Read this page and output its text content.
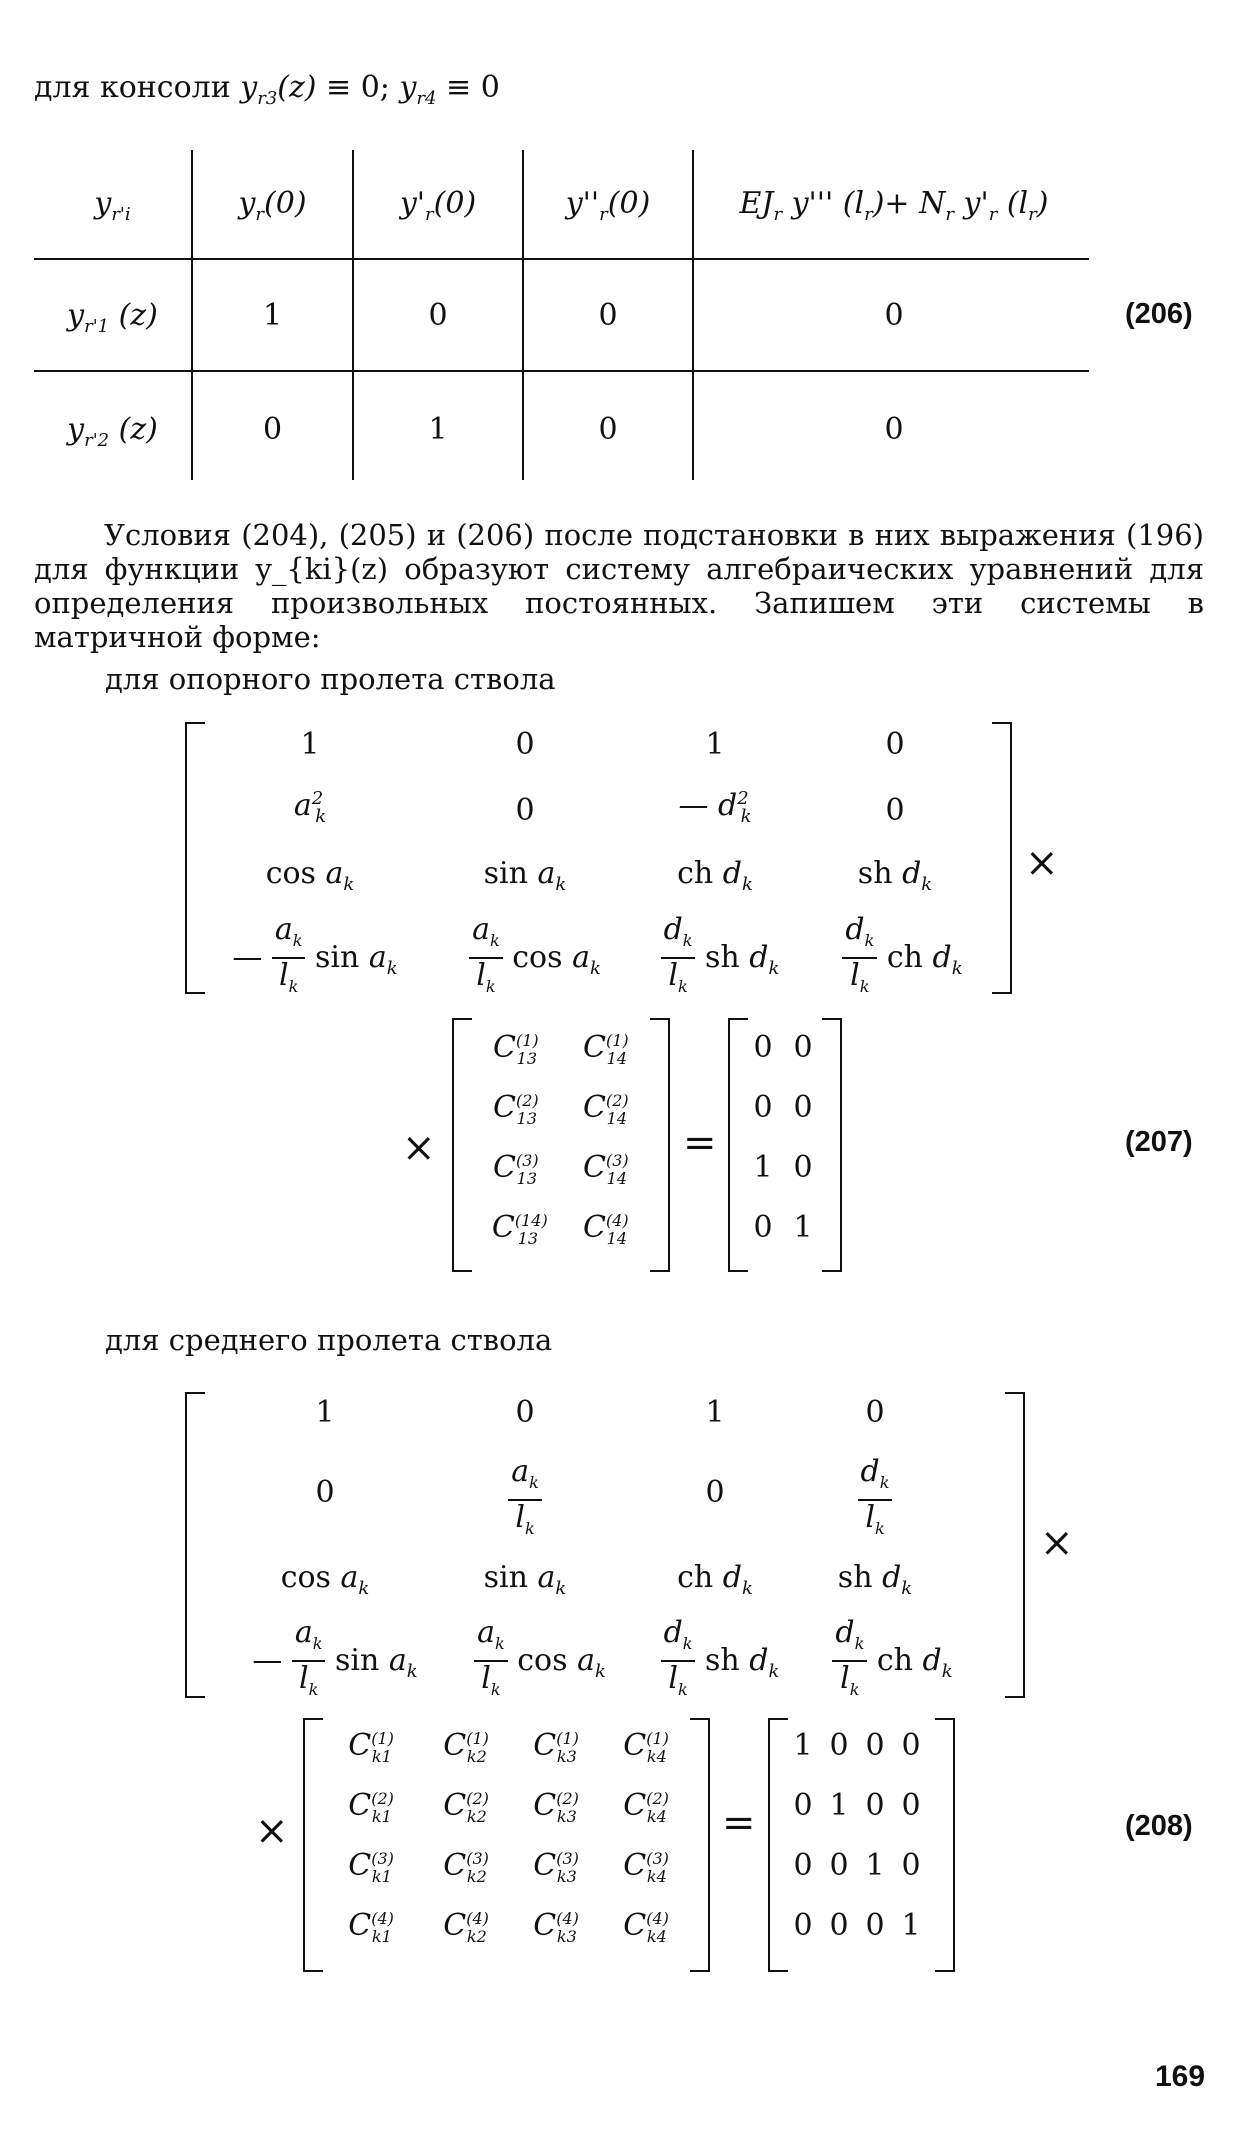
для консоли $y_{r3}(z) \equiv 0$; $y_{r4} \equiv 0$
$y_{r'i}$	$y_r(0)$	$y'_r(0)$	$y''_r(0)$	$EJ_r$ y''' $(l_r)+ N_r$ $y'_r$ $(l_r)$
$y_{r'1}$ (z)	1	0	0	0
$y_{r'2}$ (z)	0	1	0	0
(206)

Условия (204), (205) и (206) после подстановки в них выражения (196) для функции y_{ki}(z) образуют систему алгебраических уравнений для определения произвольных постоянных. Запишем эти системы в матричной форме:

для опорного пролета ствола
1	0	1	0
$a^2_k$	0	— $d^2_k$	0
$\cos a_k$	$\sin a_k$	ch $d_k$	sh $d_k$
— $\frac{a_k}{l_k}$ $\sin a_k$	$\frac{a_k}{l_k}$ $\cos a_k$	$\frac{d_k}{l_k}$ sh $d_k$	$\frac{d_k}{l_k}$ ch $d_k$
×
×
$C^{(1)}_{13}$	$C^{(1)}_{14}$
$C^{(2)}_{13}$	$C^{(2)}_{14}$
$C^{(3)}_{13}$	$C^{(3)}_{14}$
$C^{(14)}_{13}$	$C^{(4)}_{14}$
=
0 0
0 0
1 0
0 1
(207)
для среднего пролета ствола
1	0	1	0
0	$\frac{a_k}{l_k}$	0	$\frac{d_k}{l_k}$
$\cos a_k$	$\sin a_k$	ch $d_k$	sh $d_k$
— $\frac{a_k}{l_k}$ $\sin a_k$	$\frac{a_k}{l_k}$ $\cos a_k$	$\frac{d_k}{l_k}$ sh $d_k$	$\frac{d_k}{l_k}$ ch $d_k$
×
×
$C^{(1)}_{k1}$	$C^{(1)}_{k2}$	$C^{(1)}_{k3}$	$C^{(1)}_{k4}$
$C^{(2)}_{k1}$	$C^{(2)}_{k2}$	$C^{(2)}_{k3}$	$C^{(2)}_{k4}$
$C^{(3)}_{k1}$	$C^{(3)}_{k2}$	$C^{(3)}_{k3}$	$C^{(3)}_{k4}$
$C^{(4)}_{k1}$	$C^{(4)}_{k2}$	$C^{(4)}_{k3}$	$C^{(4)}_{k4}$
=
1 0 0 0
0 1 0 0
0 0 1 0
0 0 0 1
(208)
169
